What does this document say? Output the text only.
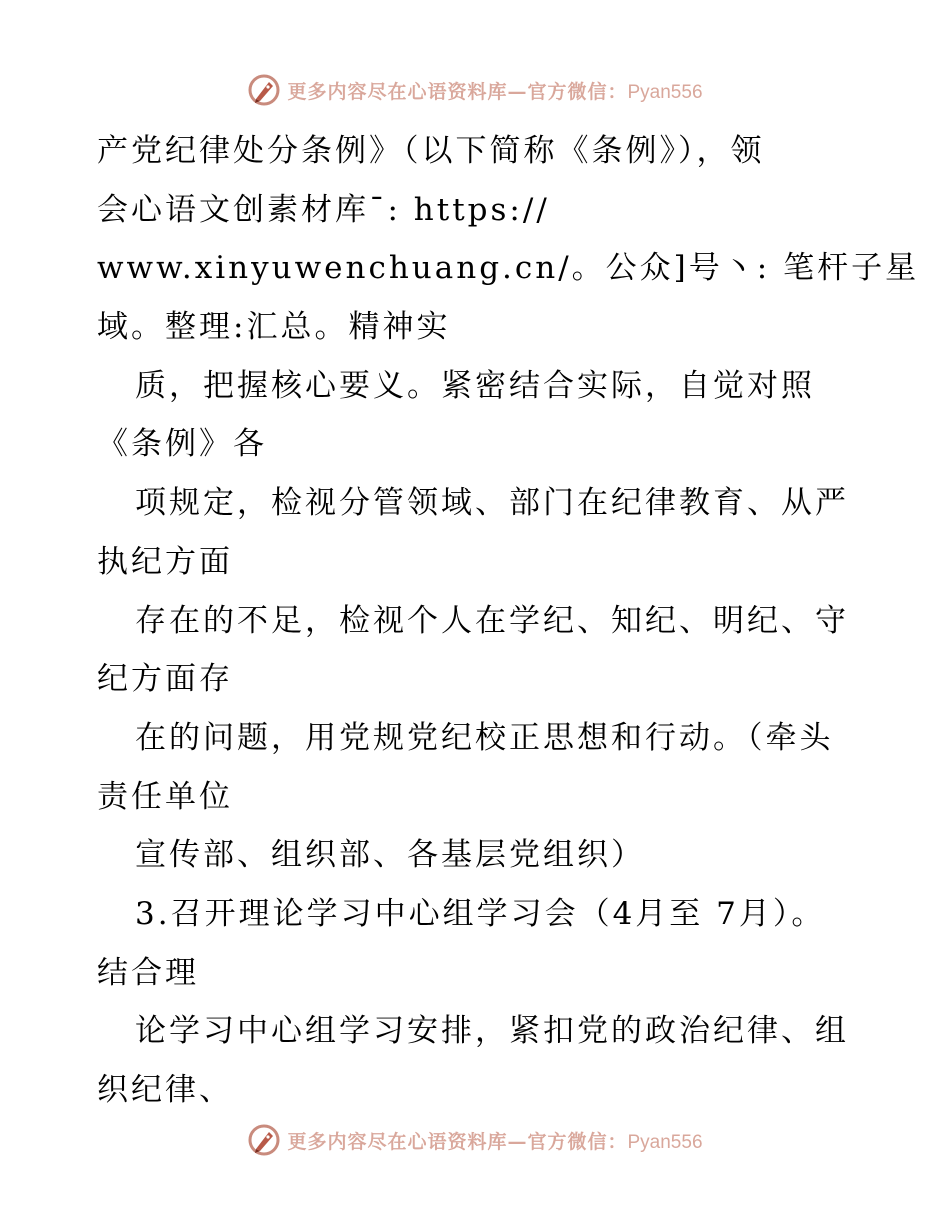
更多内容尽在心语资料库—官方微信：Pyan556
产党纪律处分条例》（以下简称《条例》），领
会心语文创素材库¯: https://
www.xinyuwenchuang.cn/。公众]号丶: 笔杆子星
域。整理:汇总。精神实
质，把握核心要义。紧密结合实际，自觉对照
《条例》各
项规定，检视分管领域、部门在纪律教育、从严
执纪方面
存在的不足，检视个人在学纪、知纪、明纪、守
纪方面存
在的问题，用党规党纪校正思想和行动。（牵头
责任单位
宣传部、组织部、各基层党组织）
3.召开理论学习中心组学习会（4月至 7月）。
结合理
论学习中心组学习安排，紧扣党的政治纪律、组
织纪律、
更多内容尽在心语资料库—官方微信：Pyan556
